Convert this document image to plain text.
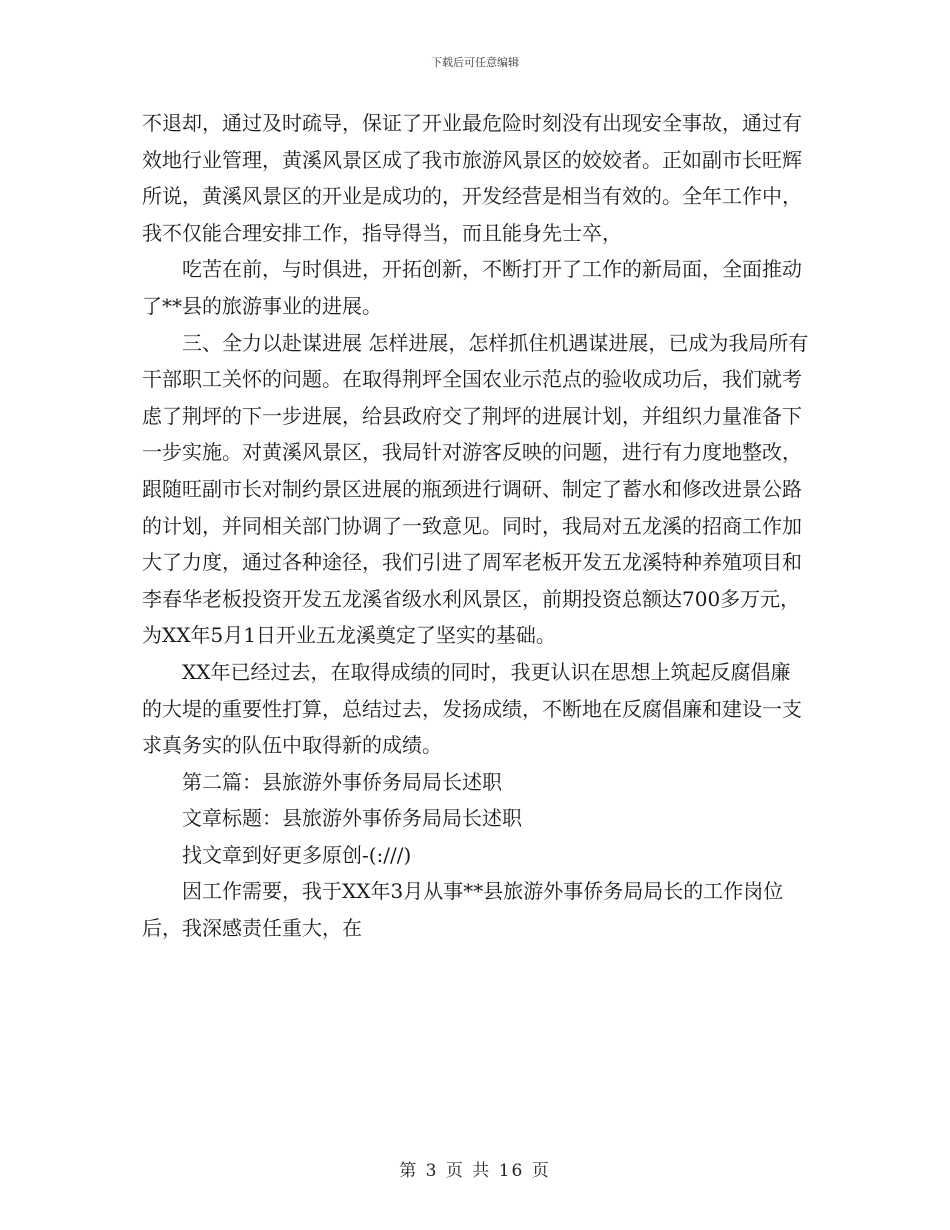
下载后可任意编辑

不退却，通过及时疏导，保证了开业最危险时刻没有出现安全事故，通过有效地行业管理，黄溪风景区成了我市旅游风景区的姣姣者。正如副市长旺辉所说，黄溪风景区的开业是成功的，开发经营是相当有效的。全年工作中，我不仅能合理安排工作，指导得当，而且能身先士卒，

吃苦在前，与时俱进，开拓创新，不断打开了工作的新局面，全面推动了**县的旅游事业的进展。

三、全力以赴谋进展 怎样进展，怎样抓住机遇谋进展，已成为我局所有干部职工关怀的问题。在取得荆坪全国农业示范点的验收成功后，我们就考虑了荆坪的下一步进展，给县政府交了荆坪的进展计划，并组织力量准备下一步实施。对黄溪风景区，我局针对游客反映的问题，进行有力度地整改，跟随旺副市长对制约景区进展的瓶颈进行调研、制定了蓄水和修改进景公路的计划，并同相关部门协调了一致意见。同时，我局对五龙溪的招商工作加大了力度，通过各种途径，我们引进了周军老板开发五龙溪特种养殖项目和李春华老板投资开发五龙溪省级水利风景区，前期投资总额达700多万元，为XX年5月1日开业五龙溪奠定了坚实的基础。

XX年已经过去，在取得成绩的同时，我更认识在思想上筑起反腐倡廉的大堤的重要性打算，总结过去，发扬成绩，不断地在反腐倡廉和建设一支求真务实的队伍中取得新的成绩。

第二篇：县旅游外事侨务局局长述职

文章标题：县旅游外事侨务局局长述职

找文章到好更多原创-(:///)

因工作需要，我于XX年3月从事**县旅游外事侨务局局长的工作岗位后，我深感责任重大，在

第 3 页 共 16 页
